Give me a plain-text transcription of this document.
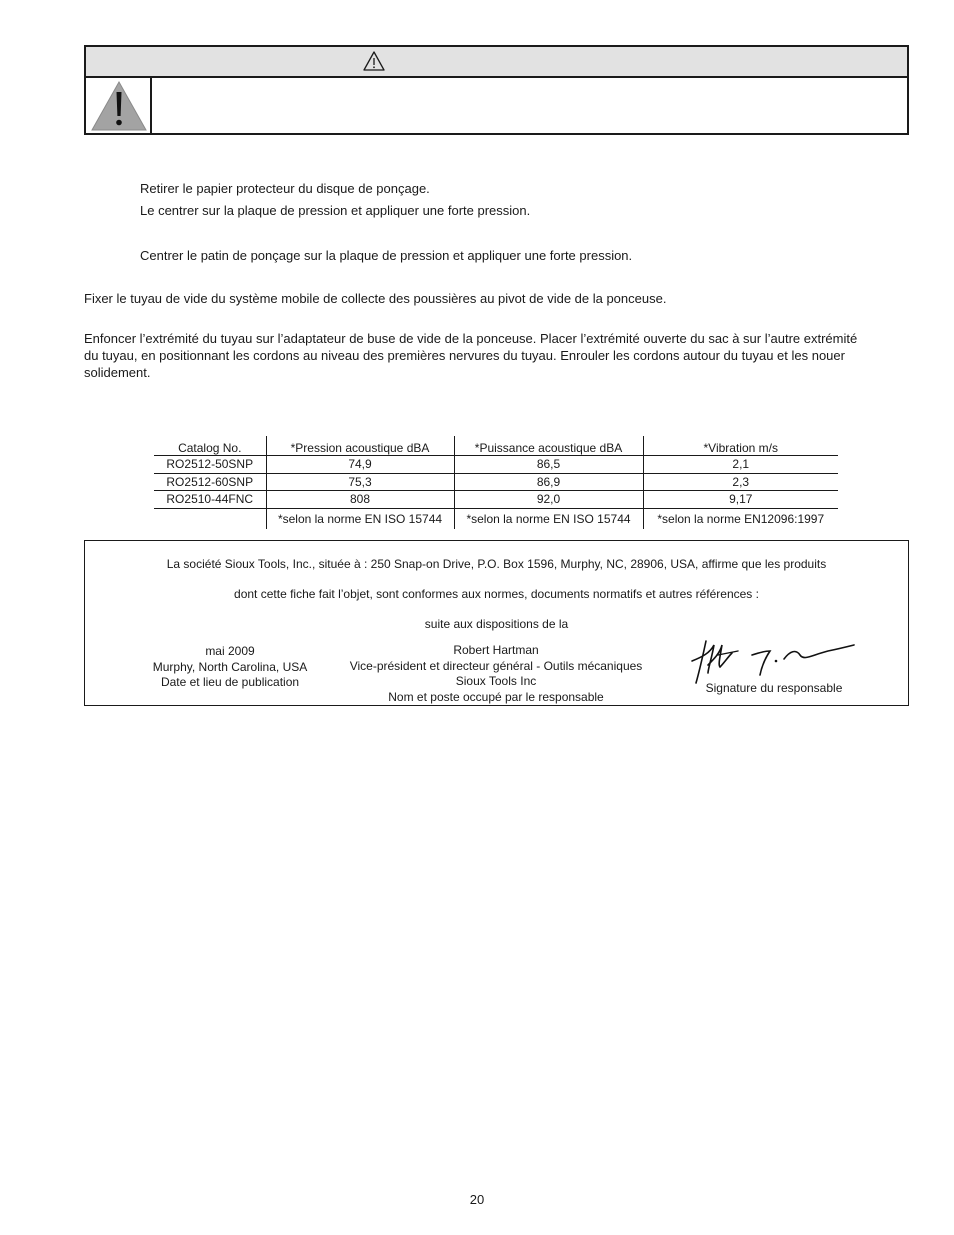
Retirer le papier protecteur du disque de ponçage.
Le centrer sur la plaque de pression et appliquer une forte pression.
Centrer le patin de ponçage sur la plaque de pression et appliquer une forte pression.
Fixer le tuyau de vide du système mobile de collecte des poussières au pivot de vide de la ponceuse.
Enfoncer l’extrémité du tuyau sur l’adaptateur de buse de vide de la ponceuse. Placer l’extrémité ouverte du sac à sur l’autre extrémité
du tuyau, en positionnant les cordons au niveau des premières nervures du tuyau. Enrouler les cordons autour du tuyau et les nouer
solidement.
Catalog No.	*Pression acoustique dBA	*Puissance acoustique dBA	*Vibration m/s
RO2512-50SNP	74,9	86,5	2,1
RO2512-60SNP	75,3	86,9	2,3
RO2510-44FNC	808	92,0	9,17
	*selon la norme EN ISO 15744	*selon la norme EN ISO 15744	*selon la norme EN12096:1997
La société Sioux Tools, Inc., située à : 250 Snap-on Drive, P.O. Box 1596, Murphy, NC, 28906, USA, affirme que les produits
dont cette fiche fait l’objet, sont conformes aux normes, documents normatifs et autres références :
suite aux dispositions de la
mai 2009
Murphy, North Carolina, USA
Date et lieu de publication
Robert Hartman
Vice-président et directeur général - Outils mécaniques
Sioux Tools Inc
Nom et poste occupé par le responsable
Signature du responsable
20
